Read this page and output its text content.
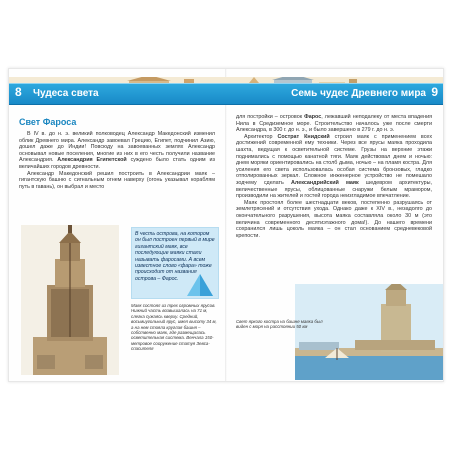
8 Чудеса света	Семь чудес Древнего мира 9
Свет Фароса

В IV в. до н. э. великий полководец Александр Македонский изменил облик Древнего мира. Александр завоевал Грецию, Египет, подчинил Азию, дошел даже до Индии! Повсюду на завоеванных землях Александр основывал новые поселения, многие из них в его честь получили название Александрия. Александрия Египетской суждено было стать одним из величайших городов древности.

Александр Македонский решил построить в Александрии маяк – гигантскую башню с сигнальным огнем наверху (огонь указывал кораблям путь в гавань), он выбрал и место

В честь острова, на котором он был построен первый в мире гигантский маяк, все последующие маяки стали называть фаросами. А всем известное слово «фара» тоже происходит от названия острова – Фарос.
Маяк состоял из трех огромных ярусов. Нижний часть возвышалась на 71 м, слегка сужаясь кверху. Средний, восьмиугольный ярус, имел высоту 34 м, а на нем стояла круглая башня – собственно маяк, где размещалась осветительная система. Венчала 150-метровое сооружение статуя Зевса-спасителя

для постройки – островок Фарос, лежавший неподалеку от места впадения Нила в Средиземное море. Строительство началось уже после смерти Александра, в 300 г. до н. э., и было завершено в 279 г. до н. э.

Архитектор Сострат Книдский строил маяк с применением всех достижений современной ему техники. Через все ярусы маяка проходила шахта, ведущая к осветительной системе. Грузы на верхние этажи поднимались с помощью канатной тяги. Маяк действовал днем и ночью: днем моряки ориентировались на столб дыма, ночью – на пламя костра. Для усиления его света использовалась особая система бронзовых, гладко отполированных зеркал. Сложное инженерное устройство не помешало зодчему сделать Александрийский маяк шедевром архитектуры, величественные ярусы, облицованные снаружи белым мрамором, производили на жителей и гостей города неизгладимое впечатление.

Маяк простоял более шестнадцати веков, постепенно разрушаясь от землетрясений и отсутствия ухода. Однако даже к XIV в., незадолго до окончательного разрушения, высота маяка составляла около 30 м (это величина современного десятиэтажного дома!). До нашего времени сохранился лишь цоколь маяка – он стал основанием средневековой крепости.

Свет яркого костра на башне маяка был виден с моря на расстоянии 50 км
